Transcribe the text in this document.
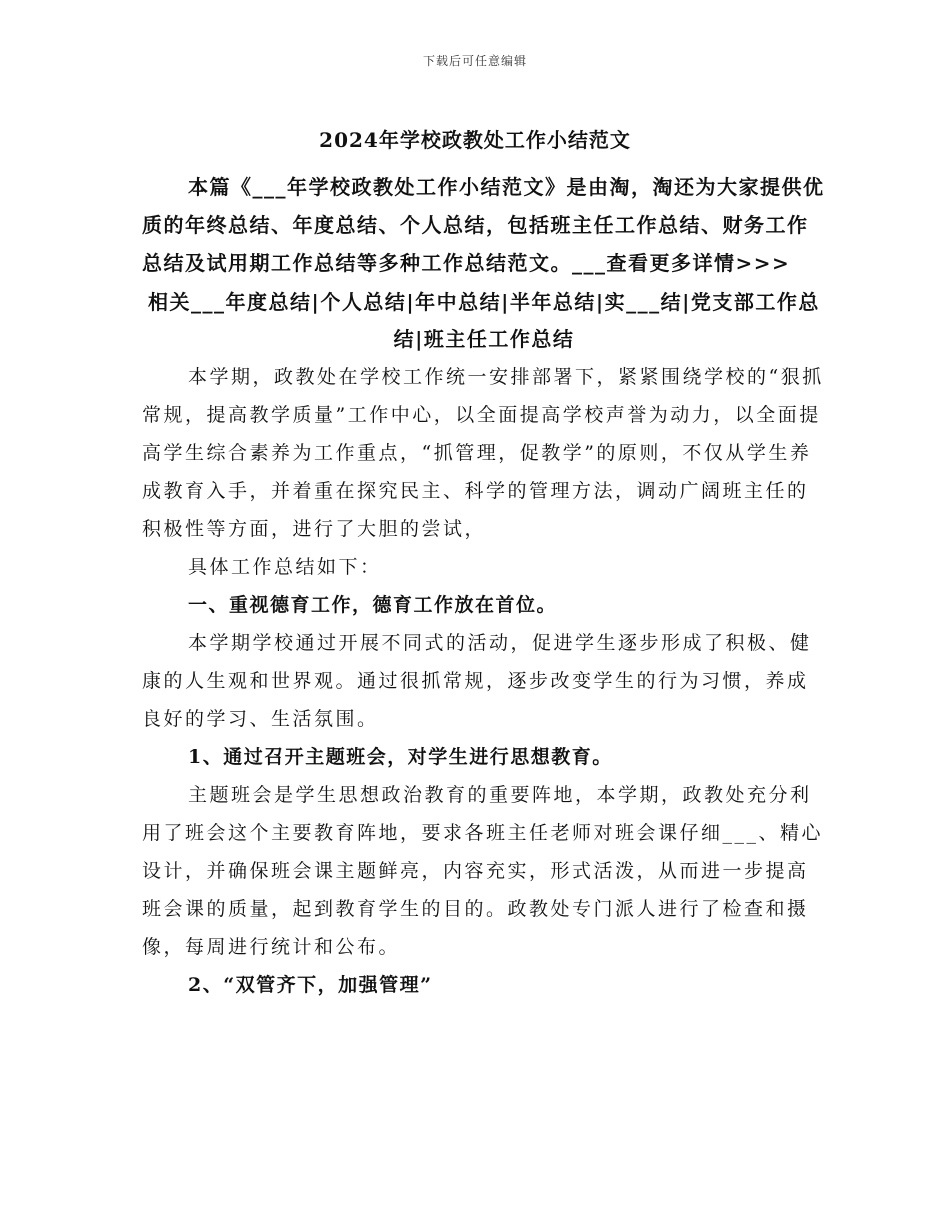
下载后可任意编辑
2024年学校政教处工作小结范文

本篇《___年学校政教处工作小结范文》是由淘，淘还为大家提供优质的年终总结、年度总结、个人总结，包括班主任工作总结、财务工作总结及试用期工作总结等多种工作总结范文。___查看更多详情>>>

相关___年度总结|个人总结|年中总结|半年总结|实___结|党支部工作总结|班主任工作总结

本学期，政教处在学校工作统一安排部署下，紧紧围绕学校的“狠抓常规，提高教学质量”工作中心，以全面提高学校声誉为动力，以全面提高学生综合素养为工作重点，“抓管理，促教学”的原则，不仅从学生养成教育入手，并着重在探究民主、科学的管理方法，调动广阔班主任的积极性等方面，进行了大胆的尝试，

具体工作总结如下：

一、重视德育工作，德育工作放在首位。

本学期学校通过开展不同式的活动，促进学生逐步形成了积极、健康的人生观和世界观。通过很抓常规，逐步改变学生的行为习惯，养成良好的学习、生活氛围。

1、通过召开主题班会，对学生进行思想教育。

主题班会是学生思想政治教育的重要阵地，本学期，政教处充分利用了班会这个主要教育阵地，要求各班主任老师对班会课仔细___、精心设计，并确保班会课主题鲜亮，内容充实，形式活泼，从而进一步提高班会课的质量，起到教育学生的目的。政教处专门派人进行了检查和摄像，每周进行统计和公布。

2、“双管齐下，加强管理”
